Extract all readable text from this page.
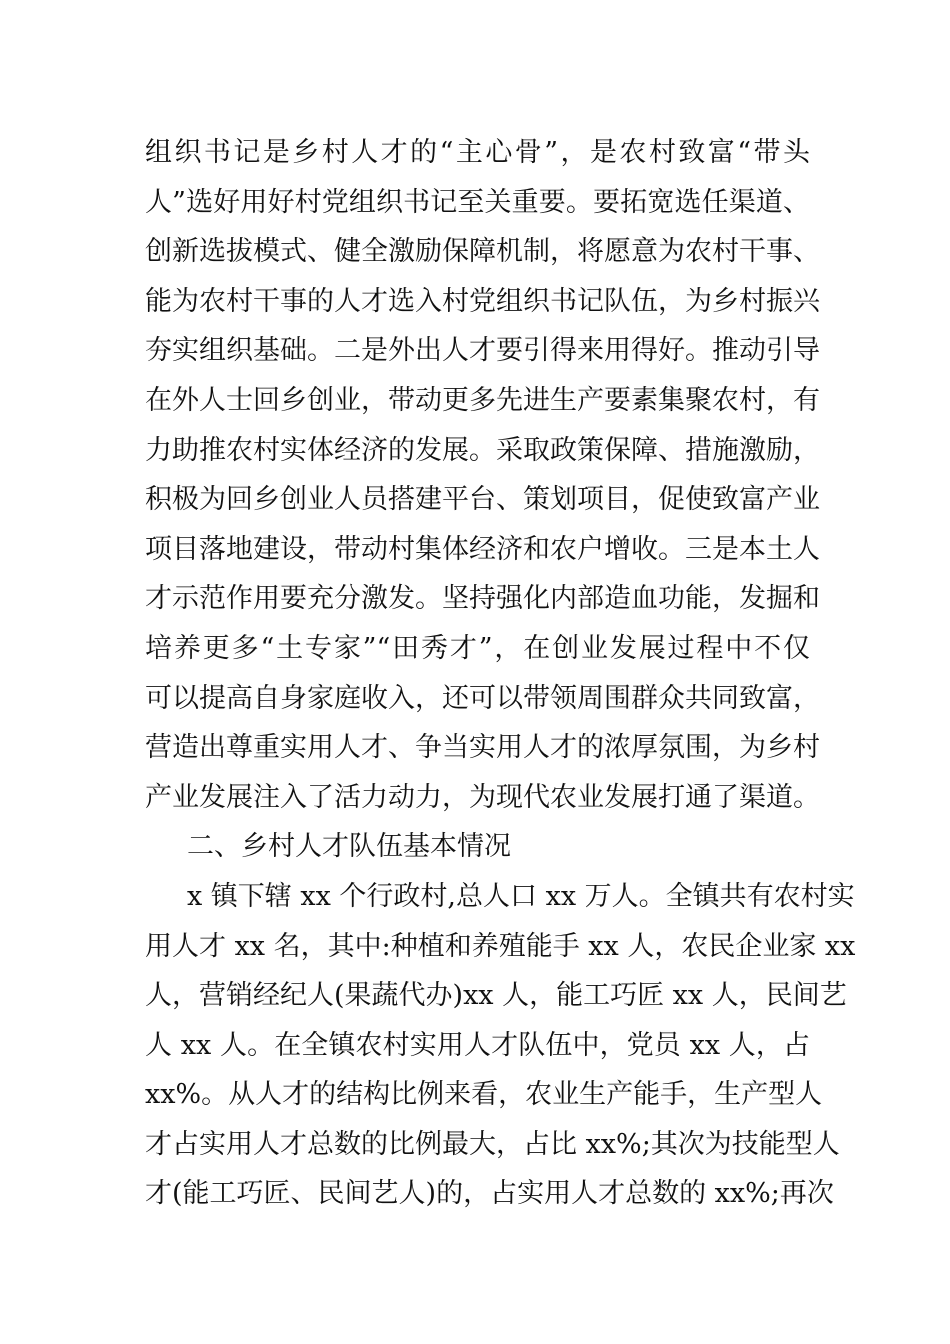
组织书记是乡村人才的“主心骨”，是农村致富“带头
人”选好用好村党组织书记至关重要。要拓宽选任渠道、
创新选拔模式、健全激励保障机制，将愿意为农村干事、
能为农村干事的人才选入村党组织书记队伍，为乡村振兴
夯实组织基础。二是外出人才要引得来用得好。推动引导
在外人士回乡创业，带动更多先进生产要素集聚农村，有
力助推农村实体经济的发展。采取政策保障、措施激励，
积极为回乡创业人员搭建平台、策划项目，促使致富产业
项目落地建设，带动村集体经济和农户增收。三是本土人
才示范作用要充分激发。坚持强化内部造血功能，发掘和
培养更多“土专家”“田秀才”，在创业发展过程中不仅
可以提高自身家庭收入，还可以带领周围群众共同致富，
营造出尊重实用人才、争当实用人才的浓厚氛围，为乡村
产业发展注入了活力动力，为现代农业发展打通了渠道。
二、乡村人才队伍基本情况
x 镇下辖 xx 个行政村,总人口 xx 万人。全镇共有农村实
用人才 xx 名，其中:种植和养殖能手 xx 人，农民企业家 xx
人，营销经纪人(果蔬代办)xx 人，能工巧匠 xx 人，民间艺
人 xx 人。在全镇农村实用人才队伍中，党员 xx 人，占
xx%。从人才的结构比例来看，农业生产能手，生产型人
才占实用人才总数的比例最大，占比 xx%;其次为技能型人
才(能工巧匠、民间艺人)的，占实用人才总数的 xx%;再次
